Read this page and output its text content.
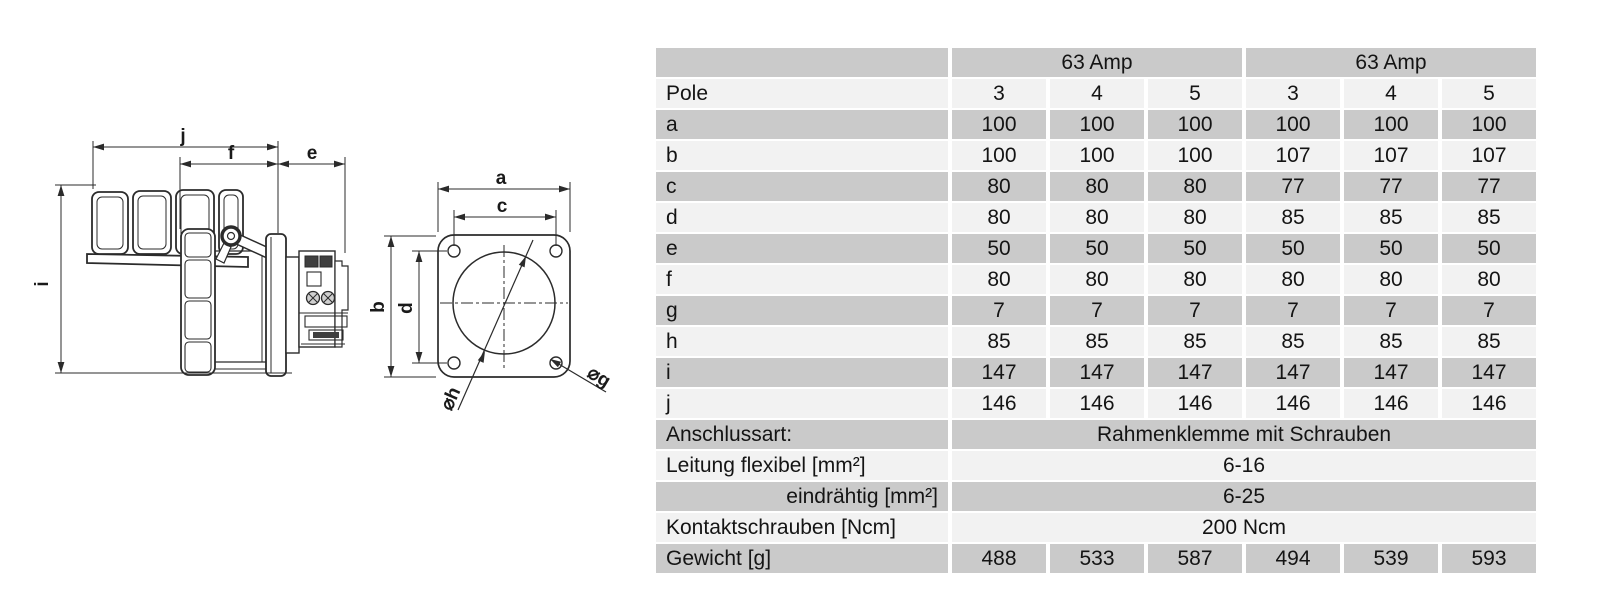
j
f	e
i
a
c
b d
⌀h
⌀g
	63 Amp			63 Amp		
Pole	3	4	5	3	4	5
a	100	100	100	100	100	100
b	100	100	100	107	107	107
c	80	80	80	77	77	77
d	80	80	80	85	85	85
e	50	50	50	50	50	50
f	80	80	80	80	80	80
g	7	7	7	7	7	7
h	85	85	85	85	85	85
i	147	147	147	147	147	147
j	146	146	146	146	146	146
Anschlussart:	Rahmenklemme mit Schrauben					
Leitung flexibel [mm²]	6-16					
eindrähtig [mm²]	6-25					
Kontaktschrauben [Ncm]	200 Ncm					
Gewicht [g]	488	533	587	494	539	593
